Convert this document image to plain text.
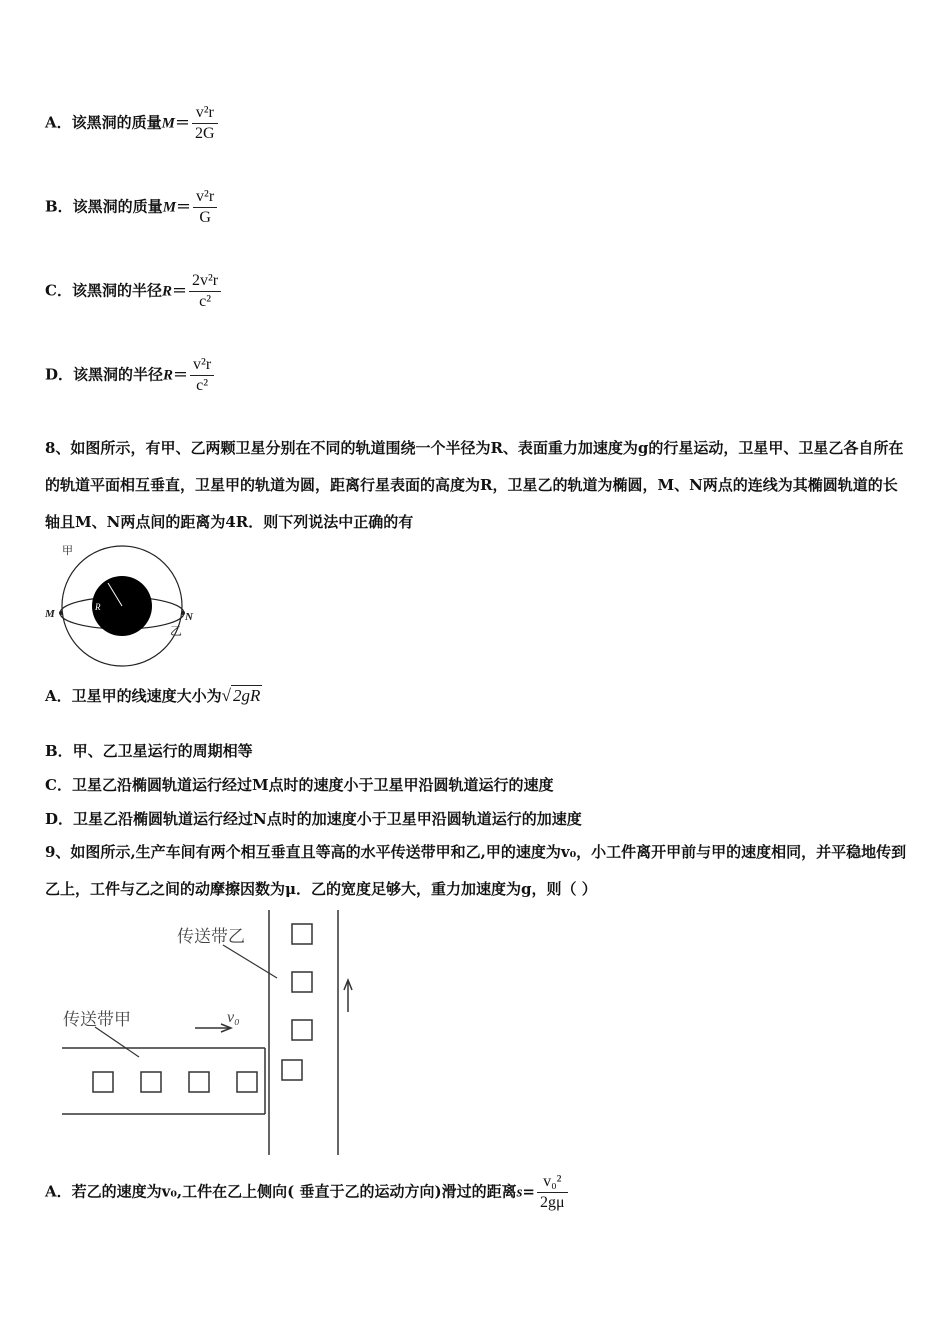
A．该黑洞的质量$M= \frac{\text{v²r}}{2G}$
B．该黑洞的质量$M= \frac{\text{v²r}}{G}$
C．该黑洞的半径$R= \frac{\text{2v²r}}{\text{c²}}$
D．该黑洞的半径$R= \frac{\text{v²r}}{\text{c²}}$
8、如图所示，有甲、乙两颗卫星分别在不同的轨道围绕一个半径为R、表面重力加速度为g的行星运动，卫星甲、卫星乙各自所在的轨道平面相互垂直，卫星甲的轨道为圆，距离行星表面的高度为R，卫星乙的轨道为椭圆，M、N两点的连线为其椭圆轨道的长轴且M、N两点间的距离为4R．则下列说法中正确的有
甲
乙
M	N
R
A．卫星甲的线速度大小为√ 2gR
B．甲、乙卫星运行的周期相等
C．卫星乙沿椭圆轨道运行经过M点时的速度小于卫星甲沿圆轨道运行的速度
D．卫星乙沿椭圆轨道运行经过N点时的加速度小于卫星甲沿圆轨道运行的加速度
9、如图所示,生产车间有两个相互垂直且等高的水平传送带甲和乙,甲的速度为v₀，小工件离开甲前与甲的速度相同，并平稳地传到乙上，工件与乙之间的动摩擦因数为μ．乙的宽度足够大，重力加速度为g，则（ ）
传送带乙
传送带甲	v₀
A．若乙的速度为v₀,工件在乙上侧向( 垂直于乙的运动方向)滑过的距离$s= \frac{\text{v₀²}}{2g\mu}$
